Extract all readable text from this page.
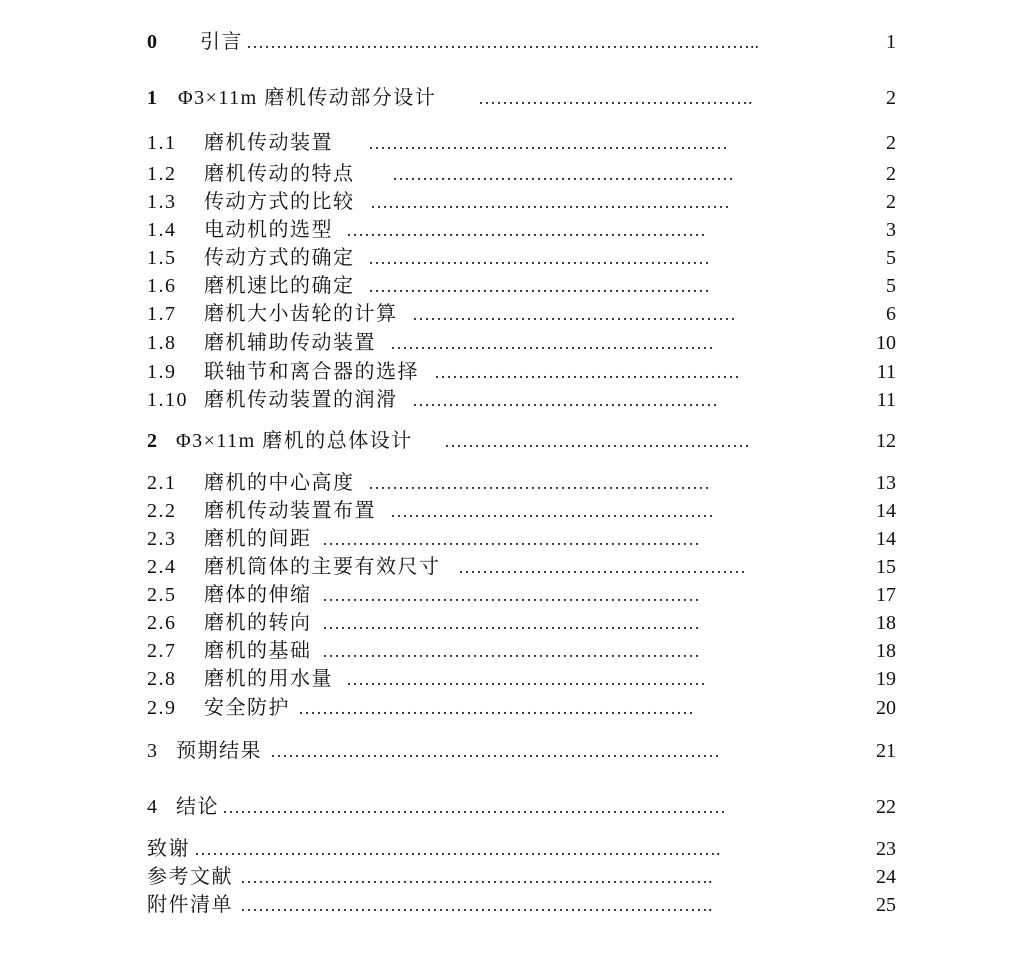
0 引言 …………………………………………………………………………..	1
1 Φ3×11m 磨机传动部分设计 ……………………………………….	2
1.1 磨机传动装置 ……………………………………………………	2
1.2 磨机传动的特点 …………………………………………………	2
1.3 传动方式的比较 ……………………………………………………	2
1.4 电动机的选型 ……………………………………………………	3
1.5 传动方式的确定 …………………………………………………	5
1.6 磨机速比的确定 …………………………………………………	5
1.7 磨机大小齿轮的计算 ………………………………………………	6
1.8 磨机辅助传动装置 ………………………………………………	10
1.9 联轴节和离合器的选择 ……………………………………………	11
1.10 磨机传动装置的润滑 ……………………………………………	11
2 Φ3×11m 磨机的总体设计 ……………………………………………	12
2.1 磨机的中心高度 …………………………………………………	13
2.2 磨机传动装置布置 ………………………………………………	14
2.3 磨机的间距 ………………………………………………………	14
2.4 磨机筒体的主要有效尺寸 …………………………………………	15
2.5 磨体的伸缩 ………………………………………………………	17
2.6 磨机的转向 ………………………………………………………	18
2.7 磨机的基础 ………………………………………………………	18
2.8 磨机的用水量 ……………………………………………………	19
2.9 安全防护 …………………………………………………………	20
3 预期结果 …………………………………………………………………	21
4 结论 …………………………………………………………………………	22
致谢 …………………………………………………………………………….	23
参考文献 …………………………………………………………………….	24
附件清单 …………………………………………………………………….	25
